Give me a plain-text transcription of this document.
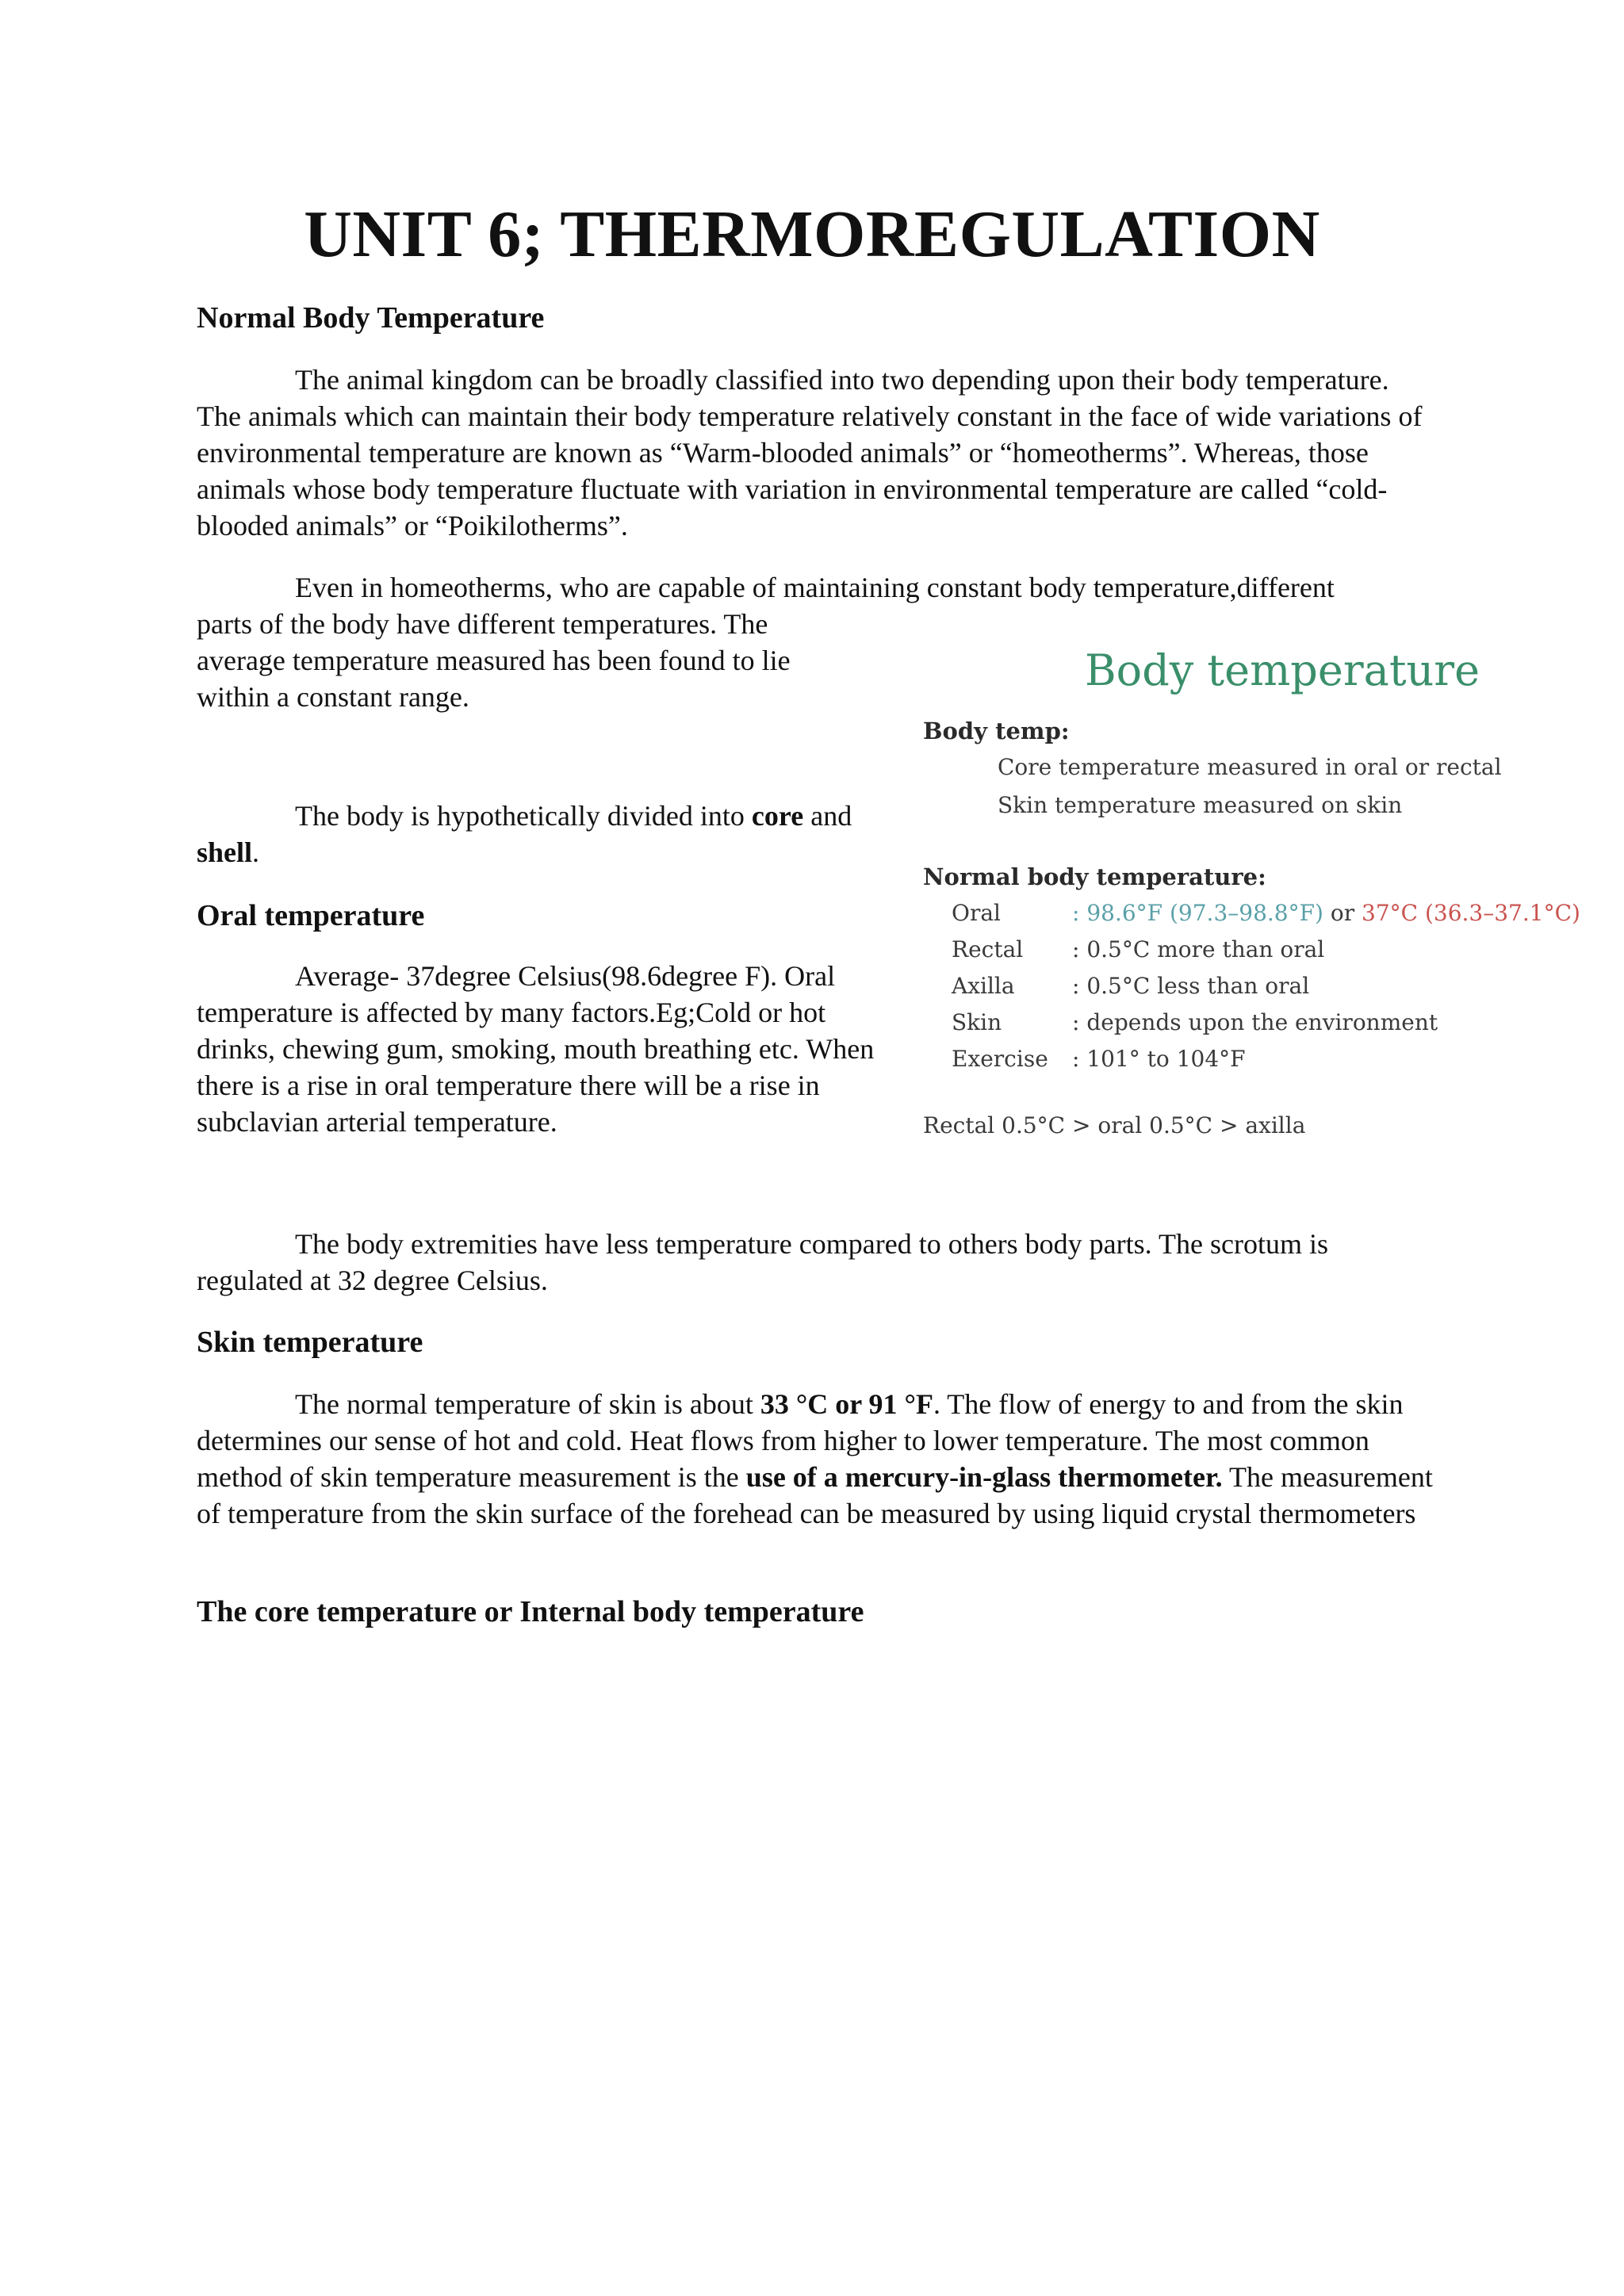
UNIT 6; THERMOREGULATION
Normal Body Temperature
The animal kingdom can be broadly classified into two depending upon their body temperature. The animals which can maintain their body temperature relatively constant in the face of wide variations of environmental temperature are known as “Warm-blooded animals” or “homeotherms”. Whereas, those animals whose body temperature fluctuate with variation in environmental temperature are called “cold-blooded animals” or “Poikilotherms”.
Even in homeotherms, who are capable of maintaining constant body temperature,different
parts of the body have different temperatures. The average temperature measured has been found to lie within a constant range.
The body is hypothetically divided into core and shell.
Oral temperature
Average- 37degree Celsius(98.6degree F). Oral temperature is affected by many factors.Eg;Cold or hot drinks, chewing gum, smoking, mouth breathing etc. When there is a rise in oral temperature there will be a rise in subclavian arterial temperature.
The body extremities have less temperature compared to others body parts. The scrotum is regulated at 32 degree Celsius.
Skin temperature
The normal temperature of skin is about 33 °C or 91 °F. The flow of energy to and from the skin determines our sense of hot and cold. Heat flows from higher to lower temperature. The most common method of skin temperature measurement is the use of a mercury-in-glass thermometer. The measurement of temperature from the skin surface of the forehead can be measured by using liquid crystal thermometers
The core temperature or Internal body temperature
Body temperature
Body temp:
Core temperature measured in oral or rectal
Skin temperature measured on skin
Normal body temperature:
Oral	: 98.6°F (97.3–98.8°F) or 37°C (36.3–37.1°C)
Rectal : 0.5°C more than oral
Axilla	: 0.5°C less than oral
Skin	: depends upon the environment
Exercise : 101° to 104°F
Rectal 0.5°C > oral 0.5°C > axilla
